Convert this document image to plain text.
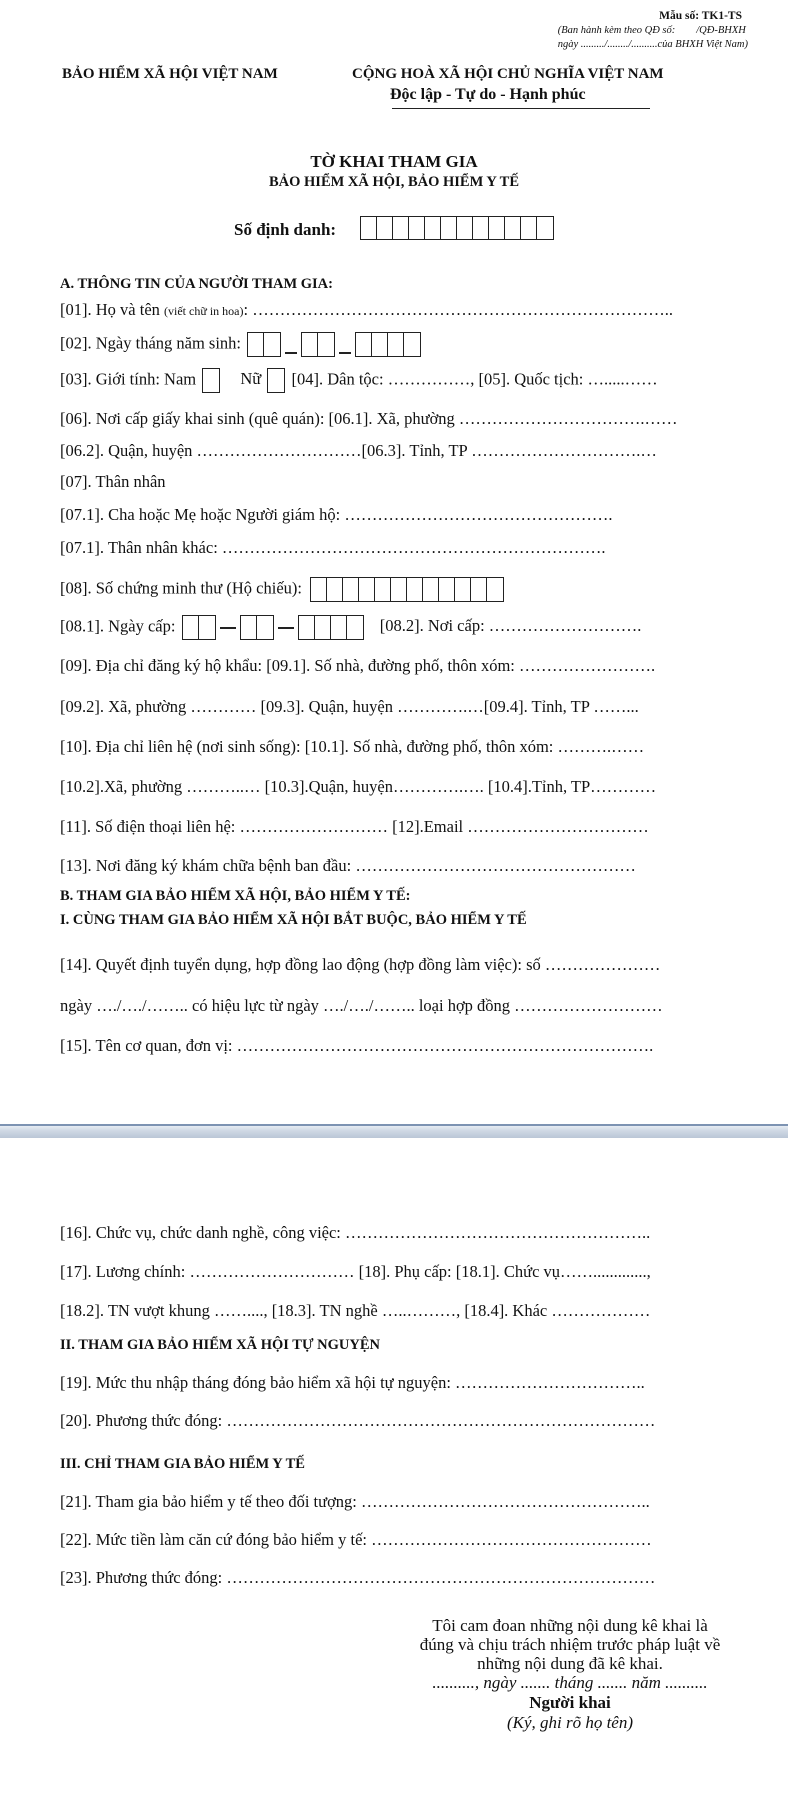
Mẫu số: TK1-TS
(Ban hành kèm theo QĐ số:        /QĐ-BHXH
ngày ........./......../..........của BHXH Việt Nam)
BẢO HIỂM XÃ HỘI VIỆT NAM	CỘNG HOÀ XÃ HỘI CHỦ NGHĨA VIỆT NAM
Độc lập - Tự do - Hạnh phúc
TỜ KHAI THAM GIA
BẢO HIỂM XÃ HỘI, BẢO HIỂM Y TẾ
Số định danh:
A. THÔNG TIN CỦA NGƯỜI THAM GIA:
[01]. Họ và tên (viết chữ in hoa): …………………………………………………………………..
[02]. Ngày tháng năm sinh:
[03]. Giới tính: Nam	Nữ [04]. Dân tộc: ……………, [05]. Quốc tịch: ….....……
[06]. Nơi cấp giấy khai sinh (quê quán): [06.1]. Xã, phường …………………………….……
[06.2]. Quận, huyện …………………………[06.3]. Tỉnh, TP ………………………….…
[07]. Thân nhân
[07.1]. Cha hoặc Mẹ hoặc Người giám hộ: ………………………………………….
[07.1]. Thân nhân khác: …………………………………………………………….
[08]. Số chứng minh thư (Hộ chiếu):
[08.1]. Ngày cấp:	[08.2]. Nơi cấp: ……………………….
[09]. Địa chỉ đăng ký hộ khẩu: [09.1]. Số nhà, đường phố, thôn xóm: …………………….
[09.2]. Xã, phường ………… [09.3]. Quận, huyện ………….…[09.4]. Tỉnh, TP ……...
[10]. Địa chỉ liên hệ (nơi sinh sống): [10.1]. Số nhà, đường phố, thôn xóm: ……….……
[10.2].Xã, phường ………..… [10.3].Quận, huyện………….…. [10.4].Tỉnh, TP…………
[11]. Số điện thoại liên hệ: ……………………… [12].Email ……………………………
[13]. Nơi đăng ký khám chữa bệnh ban đầu: ……………………………………………
B. THAM GIA BẢO HIỂM XÃ HỘI, BẢO HIỂM Y TẾ:
I. CÙNG THAM GIA BẢO HIỂM XÃ HỘI BẮT BUỘC, BẢO HIỂM Y TẾ
[14]. Quyết định tuyển dụng, hợp đồng lao động (hợp đồng làm việc): số …………………
ngày …./…./…….. có hiệu lực từ ngày …./…./…….. loại hợp đồng ………………………
[15]. Tên cơ quan, đơn vị: ………………………………………………………………….
[16]. Chức vụ, chức danh nghề, công việc: ………………………………………………..
[17]. Lương chính: ………………………… [18]. Phụ cấp: [18.1]. Chức vụ…….............,
[18.2]. TN vượt khung ……...., [18.3]. TN nghề …..………, [18.4]. Khác ………………
II. THAM GIA BẢO HIỂM XÃ HỘI TỰ NGUYỆN
[19]. Mức thu nhập tháng đóng bảo hiểm xã hội tự nguyện: ……………………………..
[20]. Phương thức đóng: ……………………………………………………………………
III. CHỈ THAM GIA BẢO HIỂM Y TẾ
[21]. Tham gia bảo hiểm y tế theo đối tượng: ……………………………………………..
[22]. Mức tiền làm căn cứ đóng bảo hiểm y tế: ……………………………………………
[23]. Phương thức đóng: ……………………………………………………………………
Tôi cam đoan những nội dung kê khai là
đúng và chịu trách nhiệm trước pháp luật về
những nội dung đã kê khai.
.........., ngày ....... tháng ....... năm ..........
Người khai
(Ký, ghi rõ họ tên)
